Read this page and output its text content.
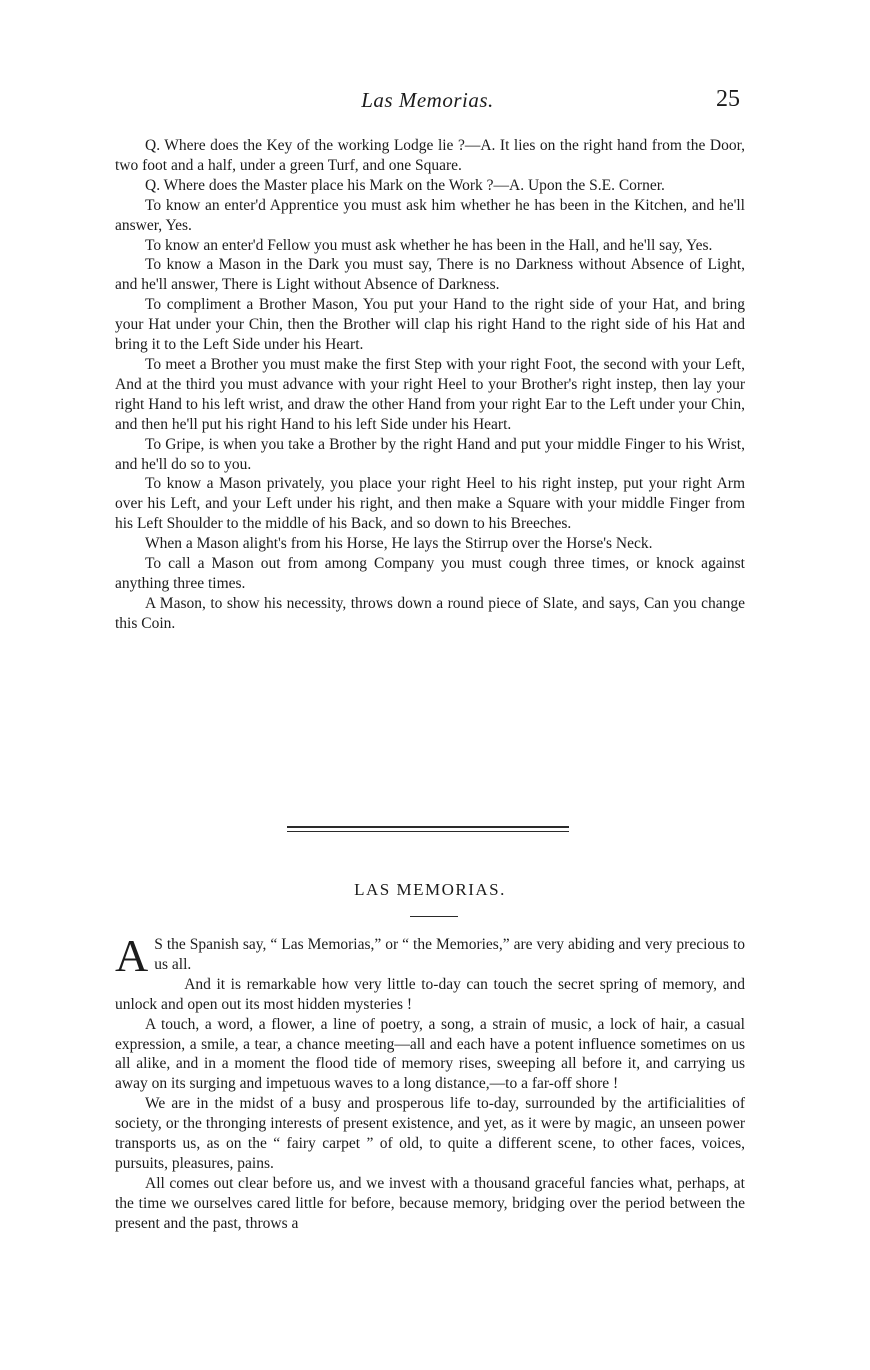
Las Memorias.	25

Q. Where does the Key of the working Lodge lie ?—A. It lies on the right hand from the Door, two foot and a half, under a green Turf, and one Square.

Q. Where does the Master place his Mark on the Work ?—A. Upon the S.E. Corner.

To know an enter'd Apprentice you must ask him whether he has been in the Kitchen, and he'll answer, Yes.

To know an enter'd Fellow you must ask whether he has been in the Hall, and he'll say, Yes.

To know a Mason in the Dark you must say, There is no Darkness without Absence of Light, and he'll answer, There is Light without Absence of Darkness.

To compliment a Brother Mason, You put your Hand to the right side of your Hat, and bring your Hat under your Chin, then the Brother will clap his right Hand to the right side of his Hat and bring it to the Left Side under his Heart.

To meet a Brother you must make the first Step with your right Foot, the second with your Left, And at the third you must advance with your right Heel to your Brother's right instep, then lay your right Hand to his left wrist, and draw the other Hand from your right Ear to the Left under your Chin, and then he'll put his right Hand to his left Side under his Heart.

To Gripe, is when you take a Brother by the right Hand and put your middle Finger to his Wrist, and he'll do so to you.

To know a Mason privately, you place your right Heel to his right instep, put your right Arm over his Left, and your Left under his right, and then make a Square with your middle Finger from his Left Shoulder to the middle of his Back, and so down to his Breeches.

When a Mason alight's from his Horse, He lays the Stirrup over the Horse's Neck.

To call a Mason out from among Company you must cough three times, or knock against anything three times.

A Mason, to show his necessity, throws down a round piece of Slate, and says, Can you change this Coin.

LAS MEMORIAS.

A S the Spanish say, “ Las Memorias,” or “ the Memories,” are very abiding and very precious to us all.

And it is remarkable how very little to-day can touch the secret spring of memory, and unlock and open out its most hidden mysteries !

A touch, a word, a flower, a line of poetry, a song, a strain of music, a lock of hair, a casual expression, a smile, a tear, a chance meeting—all and each have a potent influence sometimes on us all alike, and in a moment the flood tide of memory rises, sweeping all before it, and carrying us away on its surging and impetuous waves to a long distance,—to a far-off shore !

We are in the midst of a busy and prosperous life to-day, surrounded by the artificialities of society, or the thronging interests of present existence, and yet, as it were by magic, an unseen power transports us, as on the “ fairy carpet ” of old, to quite a different scene, to other faces, voices, pursuits, pleasures, pains.

All comes out clear before us, and we invest with a thousand graceful fancies what, perhaps, at the time we ourselves cared little for before, because memory, bridging over the period between the present and the past, throws a
